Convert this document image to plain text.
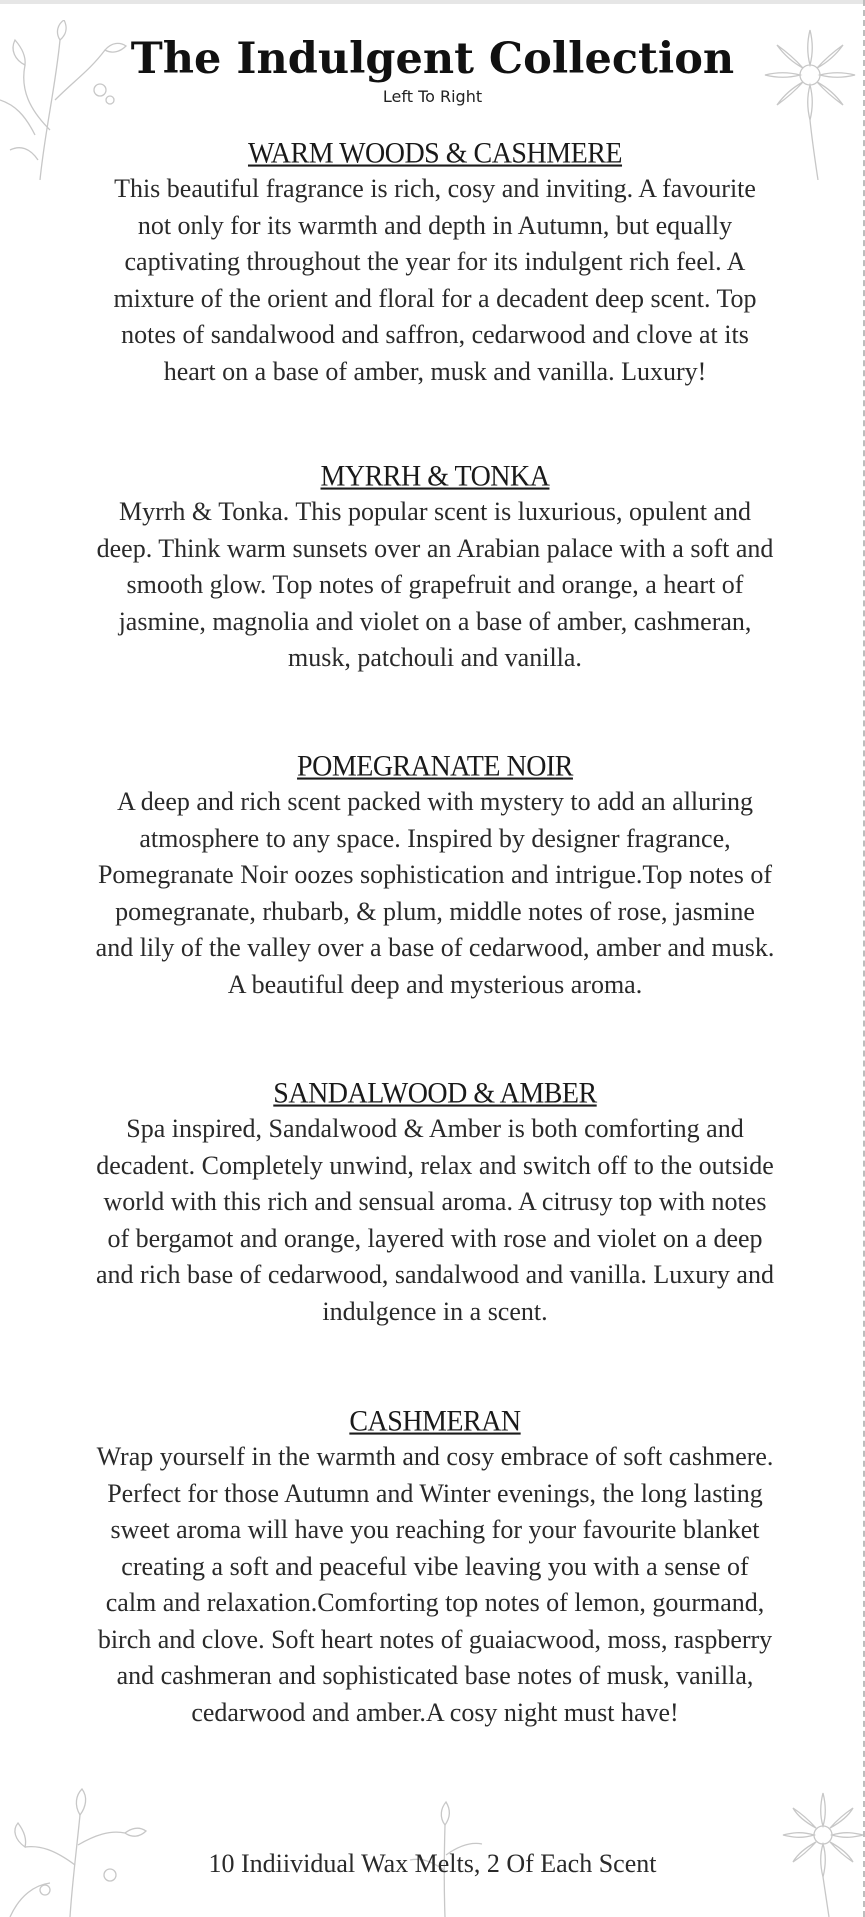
The Indulgent Collection
Left To Right
WARM WOODS & CASHMERE

This beautiful fragrance is rich, cosy and inviting. A favourite not only for its warmth and depth in Autumn, but equally captivating throughout the year for its indulgent rich feel. A mixture of the orient and floral for a decadent deep scent. Top notes of sandalwood and saffron, cedarwood and clove at its heart on a base of amber, musk and vanilla. Luxury!

MYRRH & TONKA

Myrrh & Tonka. This popular scent is luxurious, opulent and deep. Think warm sunsets over an Arabian palace with a soft and smooth glow. Top notes of grapefruit and orange, a heart of jasmine, magnolia and violet on a base of amber, cashmeran, musk, patchouli and vanilla.

POMEGRANATE NOIR

A deep and rich scent packed with mystery to add an alluring atmosphere to any space. Inspired by designer fragrance, Pomegranate Noir oozes sophistication and intrigue.Top notes of pomegranate, rhubarb, & plum, middle notes of rose, jasmine and lily of the valley over a base of cedarwood, amber and musk. A beautiful deep and mysterious aroma.

SANDALWOOD & AMBER

Spa inspired, Sandalwood & Amber is both comforting and decadent. Completely unwind, relax and switch off to the outside world with this rich and sensual aroma. A citrusy top with notes of bergamot and orange, layered with rose and violet on a deep and rich base of cedarwood, sandalwood and vanilla. Luxury and indulgence in a scent.

CASHMERAN

Wrap yourself in the warmth and cosy embrace of soft cashmere. Perfect for those Autumn and Winter evenings, the long lasting sweet aroma will have you reaching for your favourite blanket creating a soft and peaceful vibe leaving you with a sense of calm and relaxation.Comforting top notes of lemon, gourmand, birch and clove. Soft heart notes of guaiacwood, moss, raspberry and cashmeran and sophisticated base notes of musk, vanilla, cedarwood and amber.A cosy night must have!

10 Indiividual Wax Melts, 2 Of Each Scent
